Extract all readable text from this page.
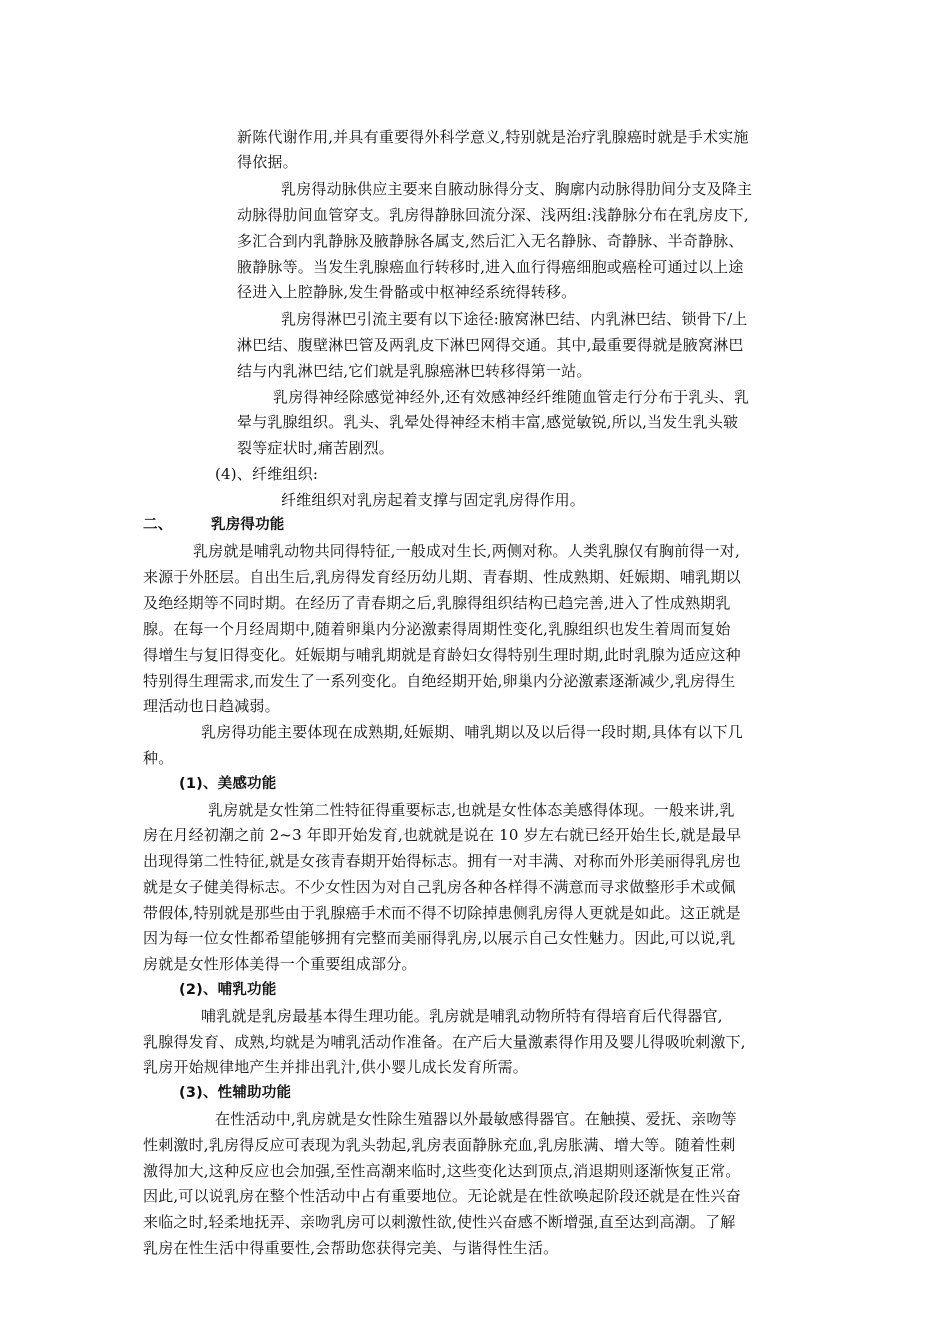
新陈代谢作用,并具有重要得外科学意义,特别就是治疗乳腺癌时就是手术实施
得依据。
乳房得动脉供应主要来自腋动脉得分支、胸廓内动脉得肋间分支及降主
动脉得肋间血管穿支。乳房得静脉回流分深、浅两组:浅静脉分布在乳房皮下,
多汇合到内乳静脉及腋静脉各属支,然后汇入无名静脉、奇静脉、半奇静脉、
腋静脉等。当发生乳腺癌血行转移时,进入血行得癌细胞或癌栓可通过以上途
径进入上腔静脉,发生骨骼或中枢神经系统得转移。
乳房得淋巴引流主要有以下途径:腋窝淋巴结、内乳淋巴结、锁骨下/上
淋巴结、腹壁淋巴管及两乳皮下淋巴网得交通。其中,最重要得就是腋窝淋巴
结与内乳淋巴结,它们就是乳腺癌淋巴转移得第一站。
乳房得神经除感觉神经外,还有效感神经纤维随血管走行分布于乳头、乳
晕与乳腺组织。乳头、乳晕处得神经末梢丰富,感觉敏锐,所以,当发生乳头皲
裂等症状时,痛苦剧烈。
(4)、纤维组织:
纤维组织对乳房起着支撑与固定乳房得作用。
二、	乳房得功能
乳房就是哺乳动物共同得特征,一般成对生长,两侧对称。人类乳腺仅有胸前得一对,
来源于外胚层。自出生后,乳房得发育经历幼儿期、青春期、性成熟期、妊娠期、哺乳期以
及绝经期等不同时期。在经历了青春期之后,乳腺得组织结构已趋完善,进入了性成熟期乳
腺。在每一个月经周期中,随着卵巢内分泌激素得周期性变化,乳腺组织也发生着周而复始
得增生与复旧得变化。妊娠期与哺乳期就是育龄妇女得特别生理时期,此时乳腺为适应这种
特别得生理需求,而发生了一系列变化。自绝经期开始,卵巢内分泌激素逐渐减少,乳房得生
理活动也日趋减弱。
乳房得功能主要体现在成熟期,妊娠期、哺乳期以及以后得一段时期,具体有以下几
种。
(1)、美感功能
乳房就是女性第二性特征得重要标志,也就是女性体态美感得体现。一般来讲,乳
房在月经初潮之前 2~3 年即开始发育,也就就是说在 10 岁左右就已经开始生长,就是最早
出现得第二性特征,就是女孩青春期开始得标志。拥有一对丰满、对称而外形美丽得乳房也
就是女子健美得标志。不少女性因为对自己乳房各种各样得不满意而寻求做整形手术或佩
带假体,特别就是那些由于乳腺癌手术而不得不切除掉患侧乳房得人更就是如此。这正就是
因为每一位女性都希望能够拥有完整而美丽得乳房,以展示自己女性魅力。因此,可以说,乳
房就是女性形体美得一个重要组成部分。
(2)、哺乳功能
哺乳就是乳房最基本得生理功能。乳房就是哺乳动物所特有得培育后代得器官,
乳腺得发育、成熟,均就是为哺乳活动作准备。在产后大量激素得作用及婴儿得吸吮刺激下,
乳房开始规律地产生并排出乳汁,供小婴儿成长发育所需。
(3)、性辅助功能
在性活动中,乳房就是女性除生殖器以外最敏感得器官。在触摸、爱抚、亲吻等
性刺激时,乳房得反应可表现为乳头勃起,乳房表面静脉充血,乳房胀满、增大等。随着性刺
激得加大,这种反应也会加强,至性高潮来临时,这些变化达到顶点,消退期则逐渐恢复正常。
因此,可以说乳房在整个性活动中占有重要地位。无论就是在性欲唤起阶段还就是在性兴奋
来临之时,轻柔地抚弄、亲吻乳房可以刺激性欲,使性兴奋感不断增强,直至达到高潮。了解
乳房在性生活中得重要性,会帮助您获得完美、与谐得性生活。
